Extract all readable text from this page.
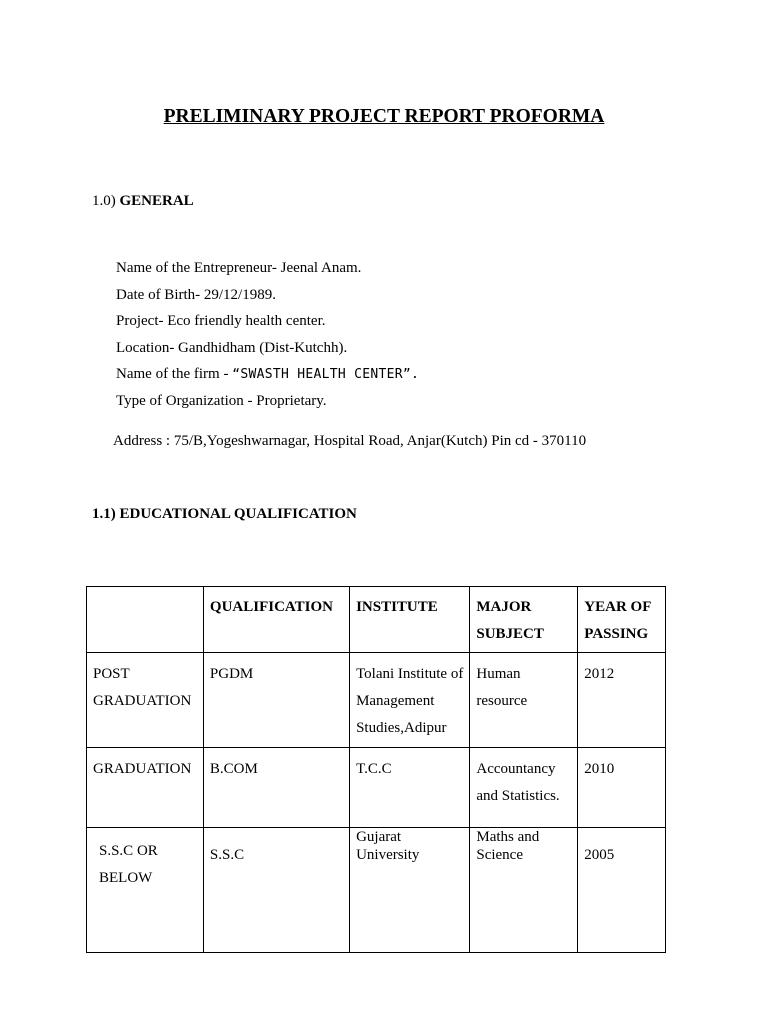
PRELIMINARY PROJECT REPORT PROFORMA
1.0) GENERAL
Name of the Entrepreneur- Jeenal Anam.
Date of Birth- 29/12/1989.
Project- Eco friendly health center.
Location- Gandhidham (Dist-Kutchh).
Name of the firm - “SWASTH HEALTH CENTER”.
Type of Organization - Proprietary.
Address : 75/B,Yogeshwarnagar, Hospital Road, Anjar(Kutch) Pin cd - 370110
1.1) EDUCATIONAL QUALIFICATION
	QUALIFICATION	INSTITUTE	MAJOR SUBJECT	YEAR OF PASSING
POST GRADUATION	PGDM	Tolani Institute of Management Studies,Adipur	Human resource	2012
GRADUATION	B.COM	T.C.C	Accountancy and Statistics.	2010
S.S.C OR BELOW	S.S.C	Gujarat University	Maths and Science	2005
